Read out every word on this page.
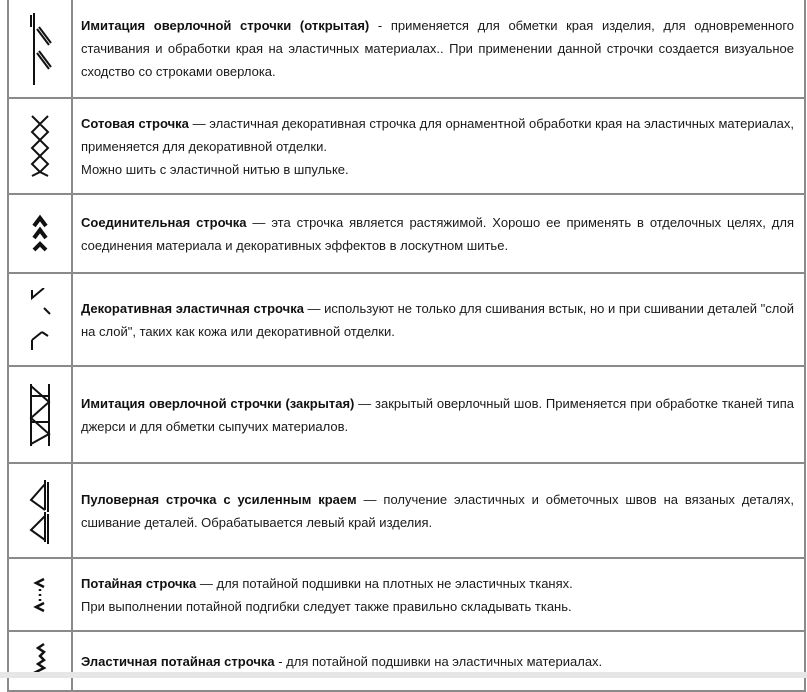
	Имитация оверлочной строчки (открытая) - применяется для обметки края изделия, для одновременного стачивания и обработки края на эластичных материалах.. При применении данной строчки создается визуальное сходство со строками оверлока.

	Сотовая строчка — эластичная декоративная строчка для орнаментной обработки края на эластичных материалах, применяется для декоративной отделки.
Можно шить с эластичной нитью в шпульке.

	Соединительная строчка — эта строчка является растяжимой. Хорошо ее применять в отделочных целях, для соединения материала и декоративных эффектов в лоскутном шитье.

	Декоративная эластичная строчка — используют не только для сшивания встык, но и при сшивании деталей "слой на слой", таких как кожа или декоративной отделки.

	Имитация оверлочной строчки (закрытая) — закрытый оверлочный шов. Применяется при обработке тканей типа джерси и для обметки сыпучих материалов.

	Пуловерная строчка с усиленным краем — получение эластичных и обметочных швов на вязаных деталях, сшивание деталей. Обрабатывается левый край изделия.

	Потайная строчка — для потайной подшивки на плотных не эластичных тканях.
При выполнении потайной подгибки следует также правильно складывать ткань.

	Эластичная потайная строчка - для потайной подшивки на эластичных материалах.
